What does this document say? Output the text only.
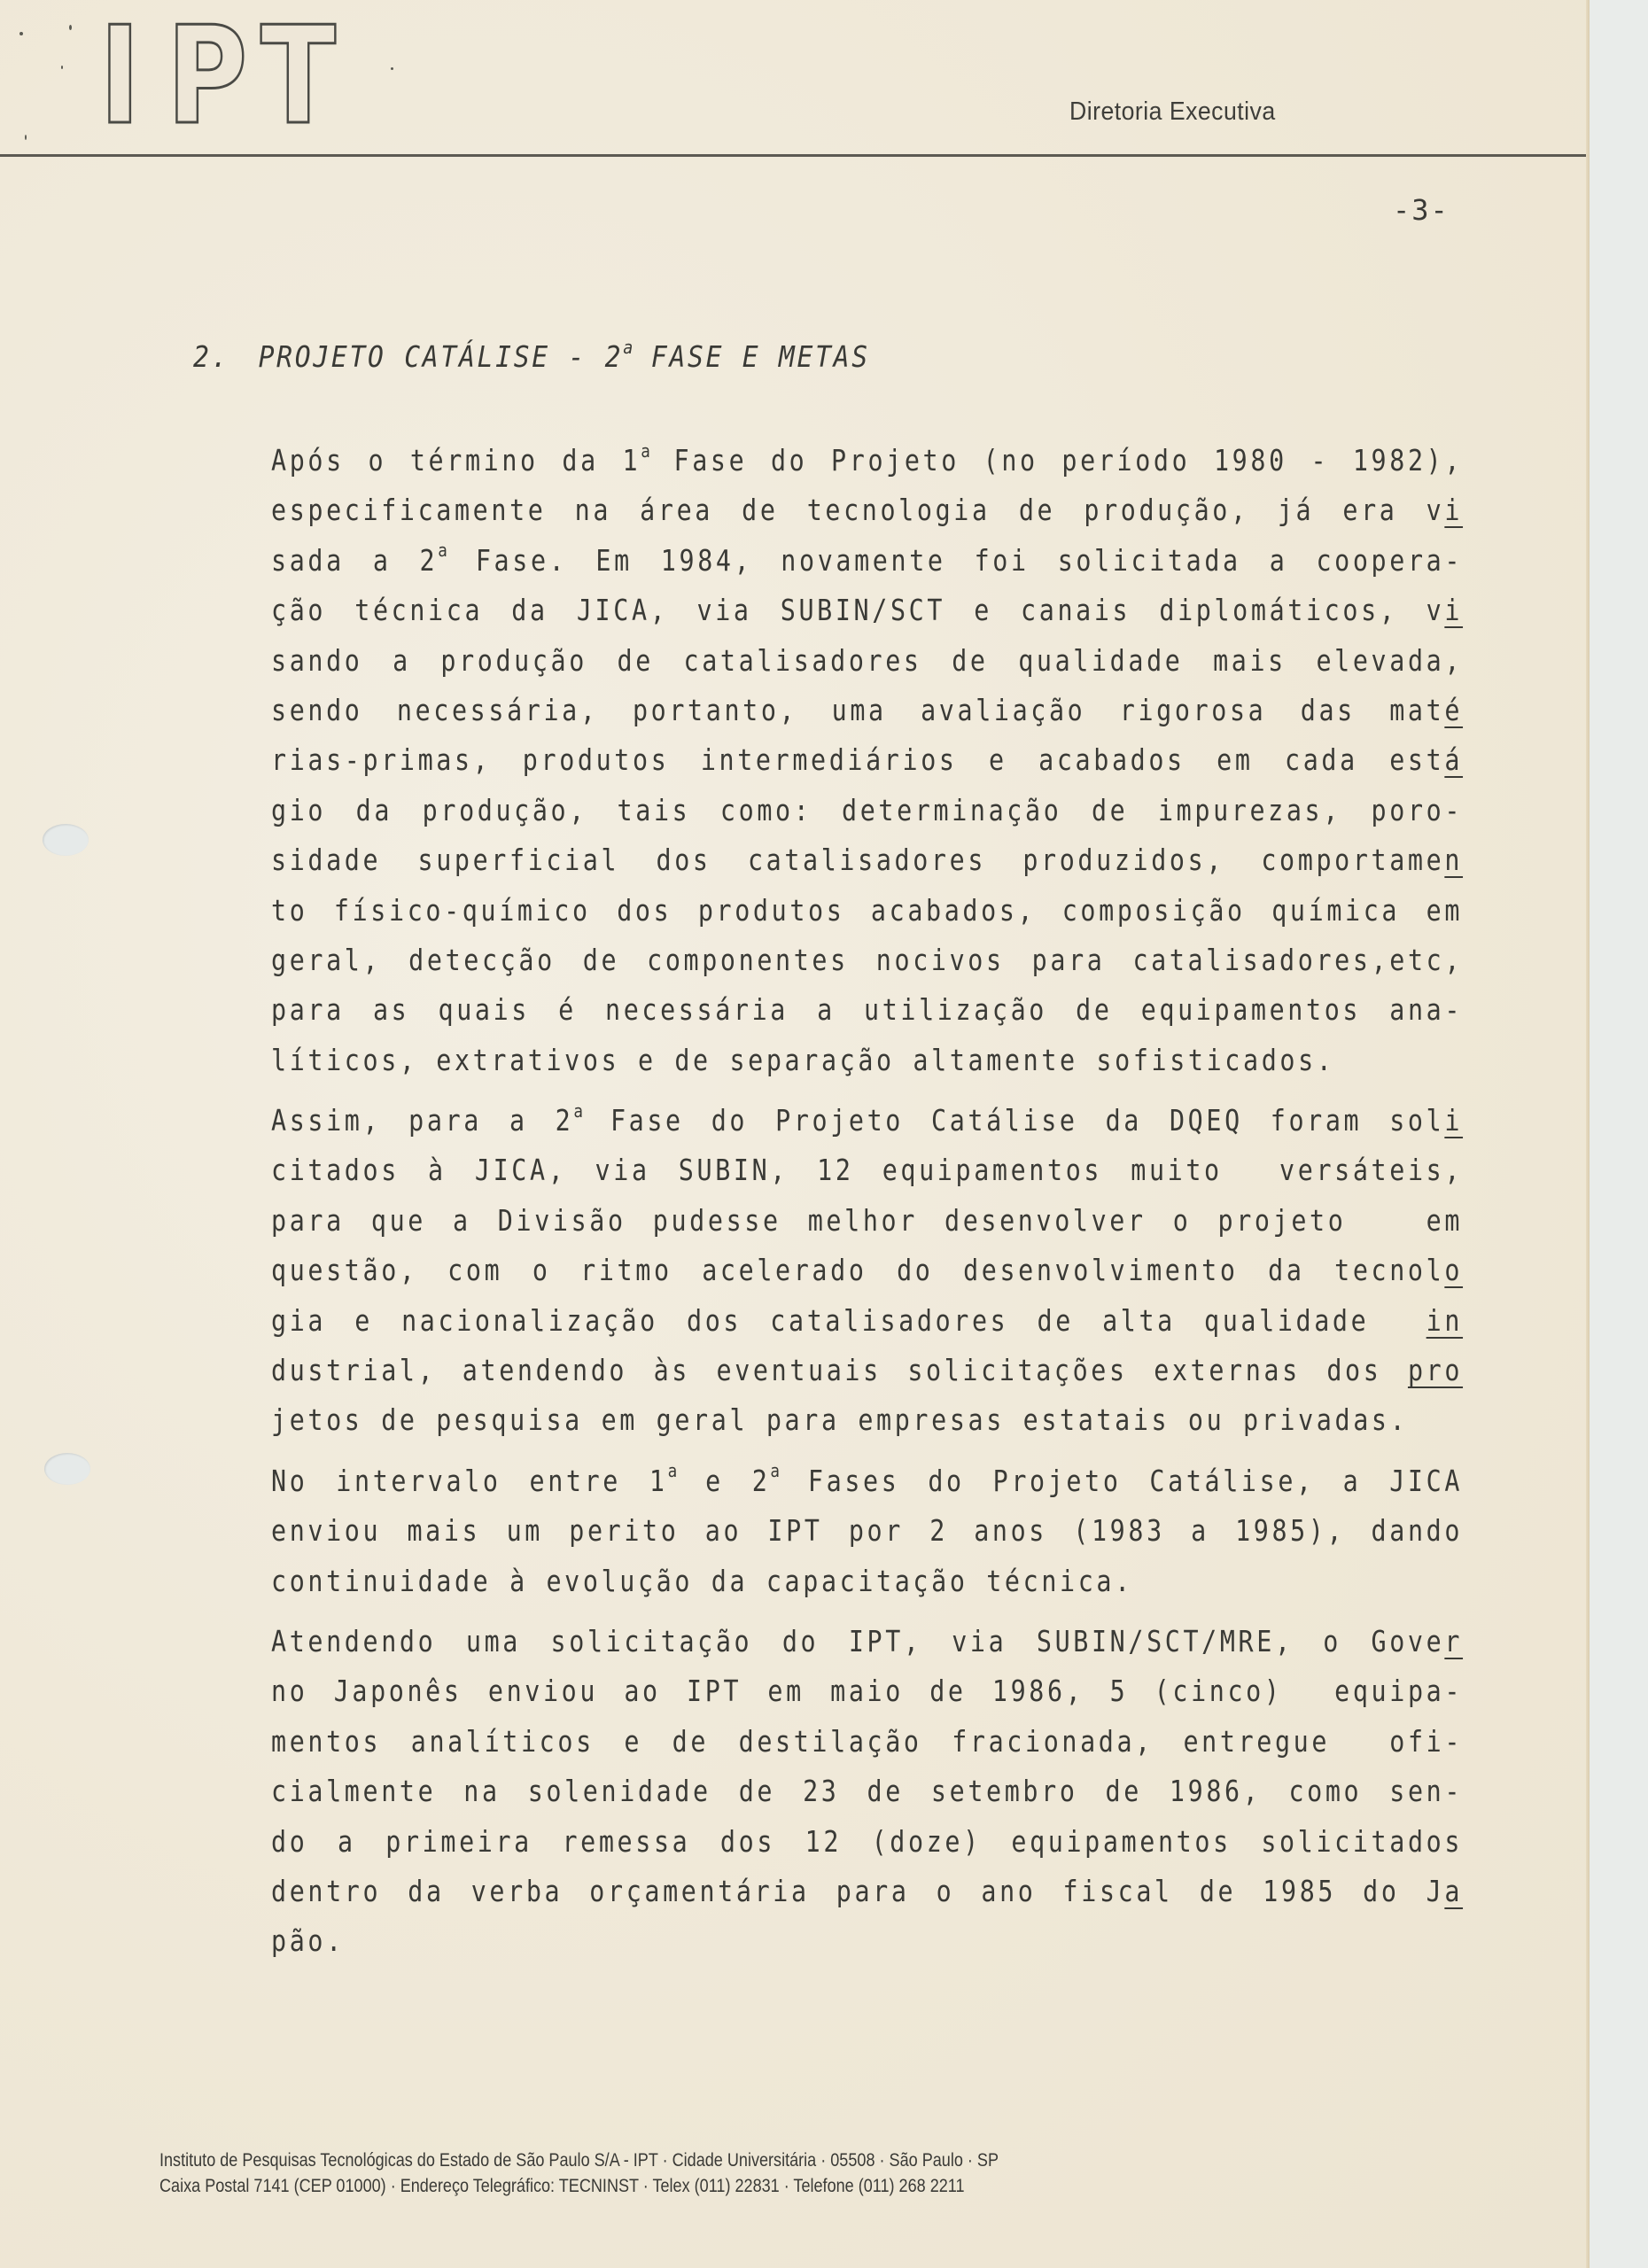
I P T	Diretoria Executiva
-3-
2. PROJETO CATÁLISE - 2$^a$ FASE E METAS
Após o término da 1$^a$ Fase do Projeto (no período 1980 - 1982),
especificamente na área de tecnologia de produção, já era vi
sada a 2$^a$ Fase. Em 1984, novamente foi solicitada a coopera-
ção técnica da JICA, via SUBIN/SCT e canais diplomáticos, vi
sando a produção de catalisadores de qualidade mais elevada,
sendo necessária, portanto, uma avaliação rigorosa das maté
rias-primas, produtos intermediários e acabados em cada está
gio da produção, tais como: determinação de impurezas, poro-
sidade superficial dos catalisadores produzidos, comportamen
to físico-químico dos produtos acabados, composição química em
geral, detecção de componentes nocivos para catalisadores,etc,
para as quais é necessária a utilização de equipamentos ana-
líticos, extrativos e de separação altamente sofisticados.
Assim, para a 2$^a$ Fase do Projeto Catálise da DQEQ foram soli
citados à JICA, via SUBIN, 12 equipamentos muito  versáteis,
para que a Divisão pudesse melhor desenvolver o projeto   em
questão, com o ritmo acelerado do desenvolvimento da tecnolo
gia e nacionalização dos catalisadores de alta qualidade  in
dustrial, atendendo às eventuais solicitações externas dos pro
jetos de pesquisa em geral para empresas estatais ou privadas.
No intervalo entre 1$^a$ e 2$^a$ Fases do Projeto Catálise, a JICA
enviou mais um perito ao IPT por 2 anos (1983 a 1985), dando
continuidade à evolução da capacitação técnica.
Atendendo uma solicitação do IPT, via SUBIN/SCT/MRE, o Gover
no Japonês enviou ao IPT em maio de 1986, 5 (cinco)  equipa-
mentos analíticos e de destilação fracionada, entregue  ofi-
cialmente na solenidade de 23 de setembro de 1986, como sen-
do a primeira remessa dos 12 (doze) equipamentos solicitados
dentro da verba orçamentária para o ano fiscal de 1985 do Ja
pão.
Instituto de Pesquisas Tecnológicas do Estado de São Paulo S/A - IPT · Cidade Universitária · 05508 · São Paulo · SP
Caixa Postal 7141 (CEP 01000) · Endereço Telegráfico: TECNINST · Telex (011) 22831 · Telefone (011) 268 2211
